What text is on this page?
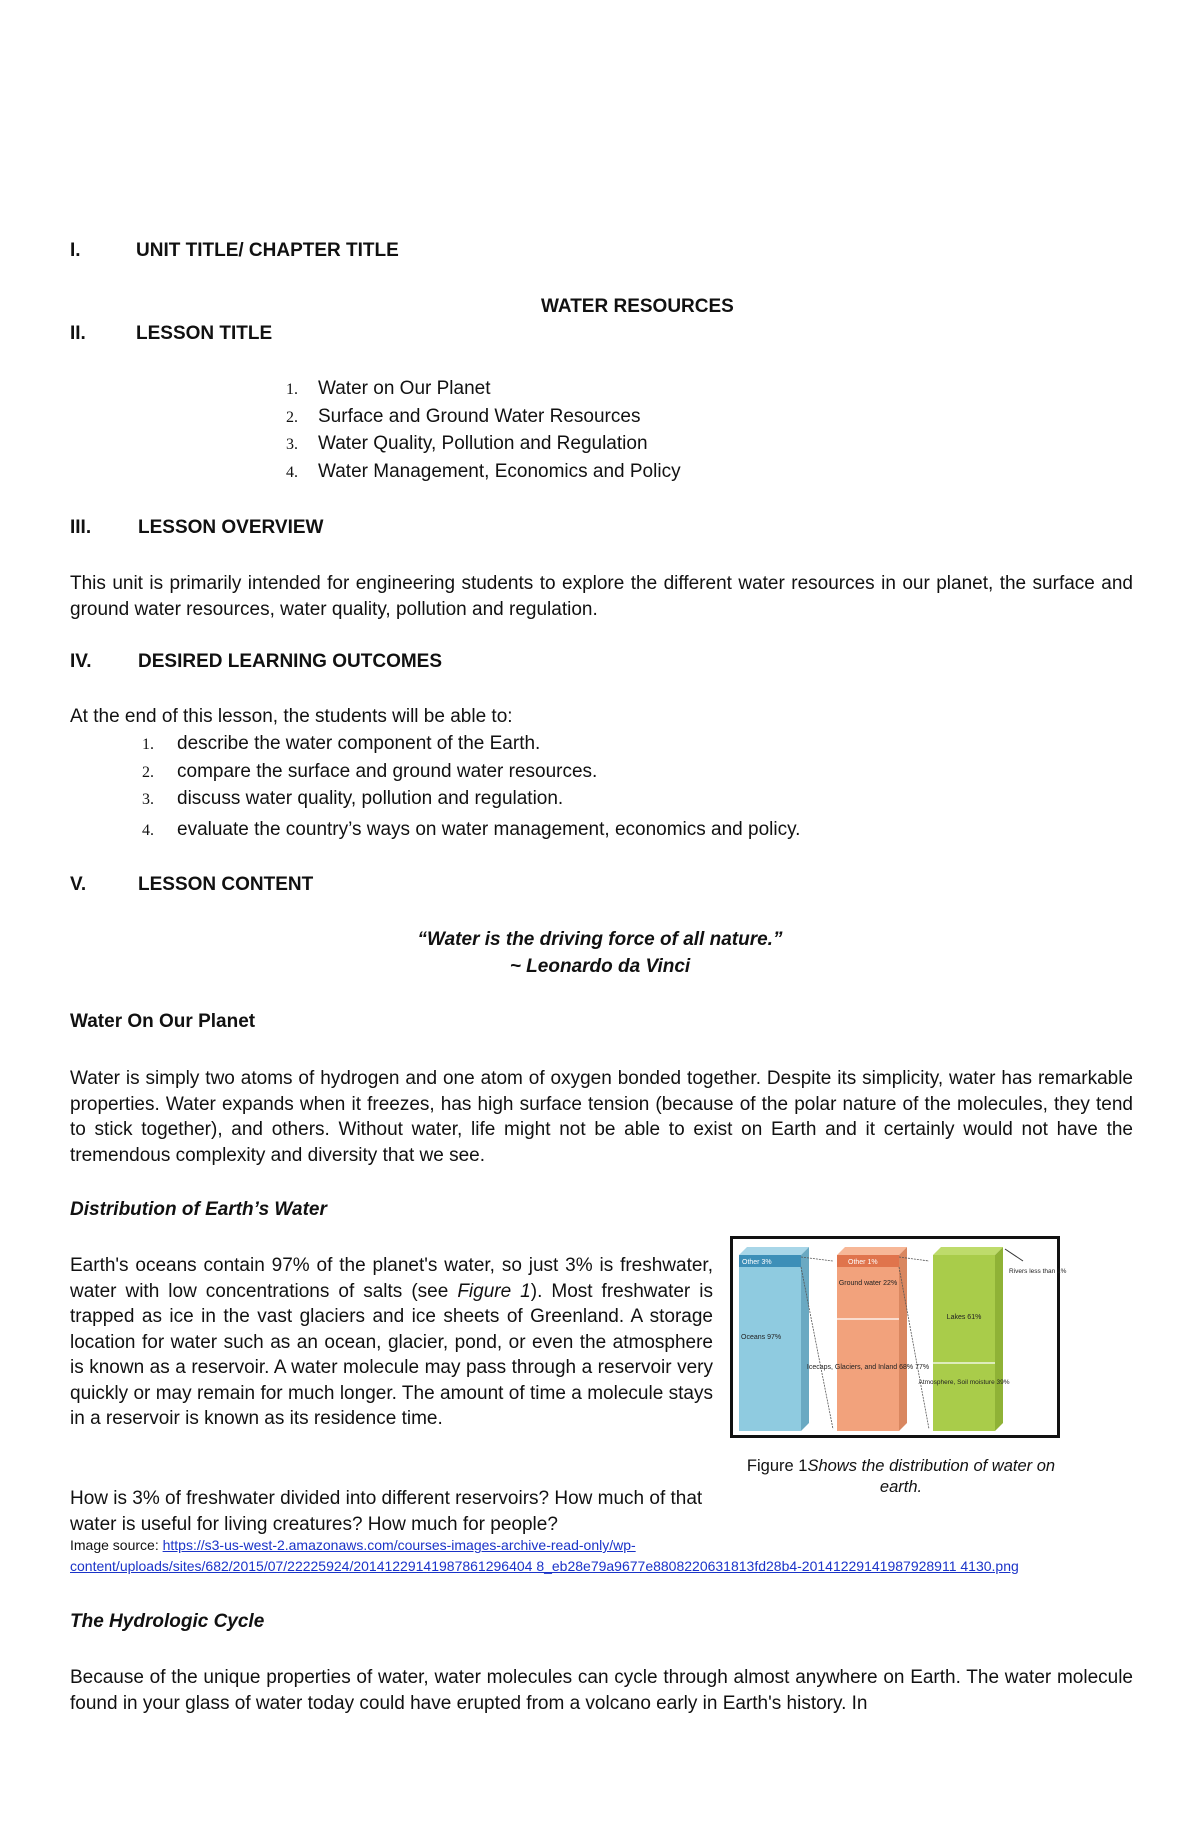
I.	UNIT TITLE/ CHAPTER TITLE
WATER RESOURCES
II.	LESSON TITLE
1. Water on Our Planet
2. Surface and Ground Water Resources
3. Water Quality, Pollution and Regulation
4. Water Management, Economics and Policy
III. LESSON OVERVIEW
This unit is primarily intended for engineering students to explore the different water resources in our planet, the surface and ground water resources, water quality, pollution and regulation.
IV. DESIRED LEARNING OUTCOMES
At the end of this lesson, the students will be able to:
1. describe the water component of the Earth.
2. compare the surface and ground water resources.
3. discuss water quality, pollution and regulation.
4. evaluate the country’s ways on water management, economics and policy.
V.	LESSON CONTENT
“Water is the driving force of all nature.”
~ Leonardo da Vinci
Water On Our Planet
Water is simply two atoms of hydrogen and one atom of oxygen bonded together. Despite its simplicity, water has remarkable properties. Water expands when it freezes, has high surface tension (because of the polar nature of the molecules, they tend to stick together), and others. Without water, life might not be able to exist on Earth and it certainly would not have the tremendous complexity and diversity that we see.
Distribution of Earth’s Water
Earth's oceans contain 97% of the planet's water, so just 3% is freshwater, water with low concentrations of salts (see Figure 1). Most freshwater is trapped as ice in the vast glaciers and ice sheets of Greenland. A storage location for water such as an ocean, glacier, pond, or even the atmosphere is known as a reservoir. A water molecule may pass through a reservoir very quickly or may remain for much longer. The amount of time a molecule stays in a reservoir is known as its residence time.
How is 3% of freshwater divided into different reservoirs? How much of that water is useful for living creatures? How much for people?
Image source: https://s3-us-west-2.amazonaws.com/courses-images-archive-read-only/wp-
content/uploads/sites/682/2015/07/22225924/20141229141987861296404 8_eb28e79a9677e8808220631813fd28b4-20141229141987928911 4130.png
The Hydrologic Cycle
Because of the unique properties of water, water molecules can cycle through almost anywhere on Earth. The water molecule found in your glass of water today could have erupted from a volcano early in Earth's history. In
Other 3%
Oceans 97%
Other 1%
Ground water 22%
Icecaps, Glaciers, and Inland 68% 77%
Lakes 61%
Atmosphere, Soil moisture 39%
Rivers less than 1%
Figure 1Shows the distribution of water on earth.
